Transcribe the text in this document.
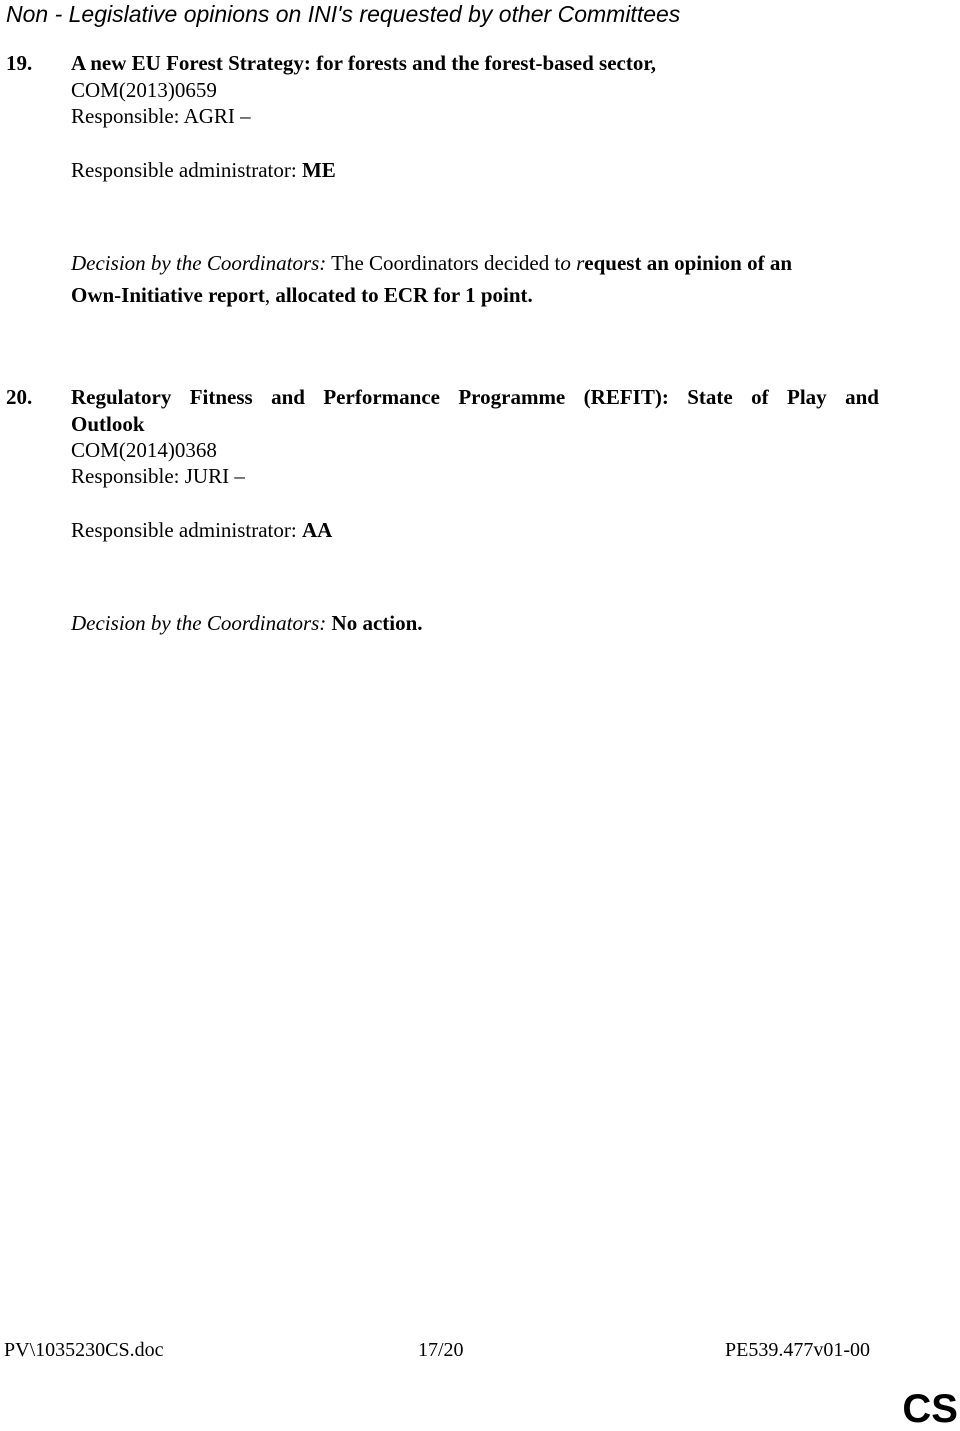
Non - Legislative opinions on INI's requested by other Committees
19. A new EU Forest Strategy: for forests and the forest-based sector,
COM(2013)0659
Responsible: AGRI –
Responsible administrator: ME
Decision by the Coordinators: The Coordinators decided to request an opinion of an
Own-Initiative report, allocated to ECR for 1 point.
20. Regulatory Fitness and Performance Programme (REFIT): State of Play and
Outlook
COM(2014)0368
Responsible: JURI –
Responsible administrator: AA
Decision by the Coordinators: No action.
PV\1035230CS.doc	17/20	PE539.477v01-00
CS
